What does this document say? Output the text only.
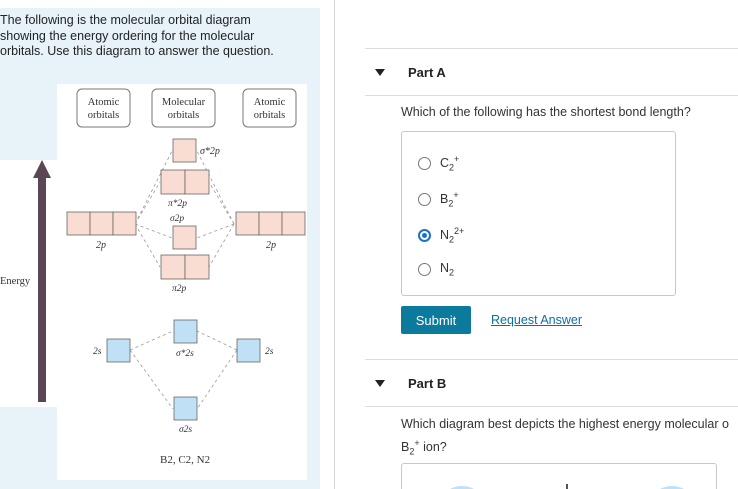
The following is the molecular orbital diagram
showing the energy ordering for the molecular
orbitals. Use this diagram to answer the question.
Atomic
orbitals
Molecular
orbitals
Atomic
orbitals
Energy
2p	2p
σ*2p
π*2p
σ2p
π2p
σ*2s
2s	2s
σ2s
B2, C2, N2
Part A
Which of the following has the shortest bond length?
$C_2^+$
$B_2^+$
$N_2^{2+}$
$N_2$
Submit	Request Answer
Part B
Which diagram best depicts the highest energy molecular o
$B_2^+$ ion?
